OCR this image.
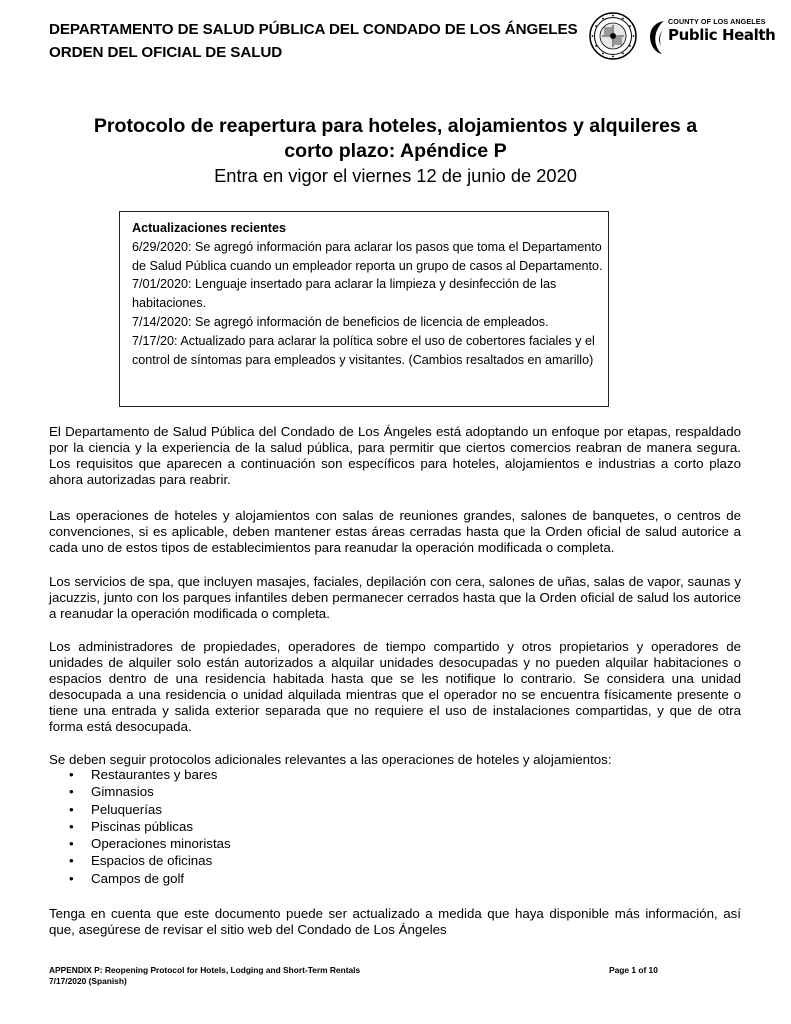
DEPARTAMENTO DE SALUD PÚBLICA DEL CONDADO DE LOS ÁNGELES
ORDEN DEL OFICIAL DE SALUD
COUNTY OF LOS ANGELES
Public Health
Protocolo de reapertura para hoteles, alojamientos y alquileres a
corto plazo: Apéndice P
Entra en vigor el viernes 12 de junio de 2020

Actualizaciones recientes

6/29/2020: Se agregó información para aclarar los pasos que toma el Departamento de Salud Pública cuando un empleador reporta un grupo de casos al Departamento.

7/01/2020: Lenguaje insertado para aclarar la limpieza y desinfección de las habitaciones.

7/14/2020: Se agregó información de beneficios de licencia de empleados.

7/17/20: Actualizado para aclarar la política sobre el uso de cobertores faciales y el control de síntomas para empleados y visitantes. (Cambios resaltados en amarillo)

El Departamento de Salud Pública del Condado de Los Ángeles está adoptando un enfoque por etapas, respaldado por la ciencia y la experiencia de la salud pública, para permitir que ciertos comercios reabran de manera segura. Los requisitos que aparecen a continuación son específicos para hoteles, alojamientos e industrias a corto plazo ahora autorizadas para reabrir.

Las operaciones de hoteles y alojamientos con salas de reuniones grandes, salones de banquetes, o centros de convenciones, si es aplicable, deben mantener estas áreas cerradas hasta que la Orden oficial de salud autorice a cada uno de estos tipos de establecimientos para reanudar la operación modificada o completa.

Los servicios de spa, que incluyen masajes, faciales, depilación con cera, salones de uñas, salas de vapor, saunas y jacuzzis, junto con los parques infantiles deben permanecer cerrados hasta que la Orden oficial de salud los autorice a reanudar la operación modificada o completa.

Los administradores de propiedades, operadores de tiempo compartido y otros propietarios y operadores de unidades de alquiler solo están autorizados a alquilar unidades desocupadas y no pueden alquilar habitaciones o espacios dentro de una residencia habitada hasta que se les notifique lo contrario. Se considera una unidad desocupada a una residencia o unidad alquilada mientras que el operador no se encuentra físicamente presente o tiene una entrada y salida exterior separada que no requiere el uso de instalaciones compartidas, y que de otra forma está desocupada.

Se deben seguir protocolos adicionales relevantes a las operaciones de hoteles y alojamientos:

• Restaurantes y bares
• Gimnasios
• Peluquerías
• Piscinas públicas
• Operaciones minoristas
• Espacios de oficinas
• Campos de golf

Tenga en cuenta que este documento puede ser actualizado a medida que haya disponible más información, así que, asegúrese de revisar el sitio web del Condado de Los Ángeles

APPENDIX P: Reopening Protocol for Hotels, Lodging and Short-Term Rentals
7/17/2020 (Spanish)
Page 1 of 10
